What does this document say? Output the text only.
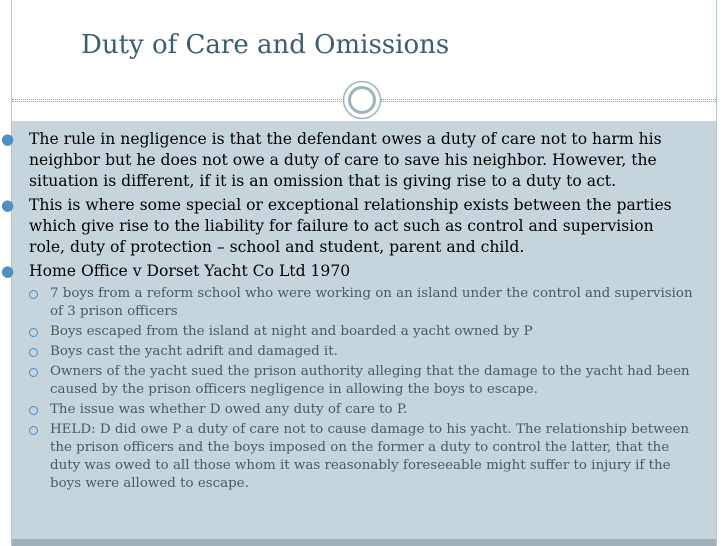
Duty of Care and Omissions
● The rule in negligence is that the defendant owes a duty of care not to harm his neighbor but he does not owe a duty of care to save his neighbor. However, the situation is different, if it is an omission that is giving rise to a duty to act.
● This is where some special or exceptional relationship exists between the parties which give rise to the liability for failure to act such as control and supervision role, duty of protection – school and student, parent and child.
● Home Office v Dorset Yacht Co Ltd 1970
7 boys from a reform school who were working on an island under the control and supervision of 3 prison officers
Boys escaped from the island at night and boarded a yacht owned by P
Boys cast the yacht adrift and damaged it.
Owners of the yacht sued the prison authority alleging that the damage to the yacht had been caused by the prison officers negligence in allowing the boys to escape.
The issue was whether D owed any duty of care to P.
HELD: D did owe P a duty of care not to cause damage to his yacht. The relationship between the prison officers and the boys imposed on the former a duty to control the latter, that the duty was owed to all those whom it was reasonably foreseeable might suffer to injury if the boys were allowed to escape.
